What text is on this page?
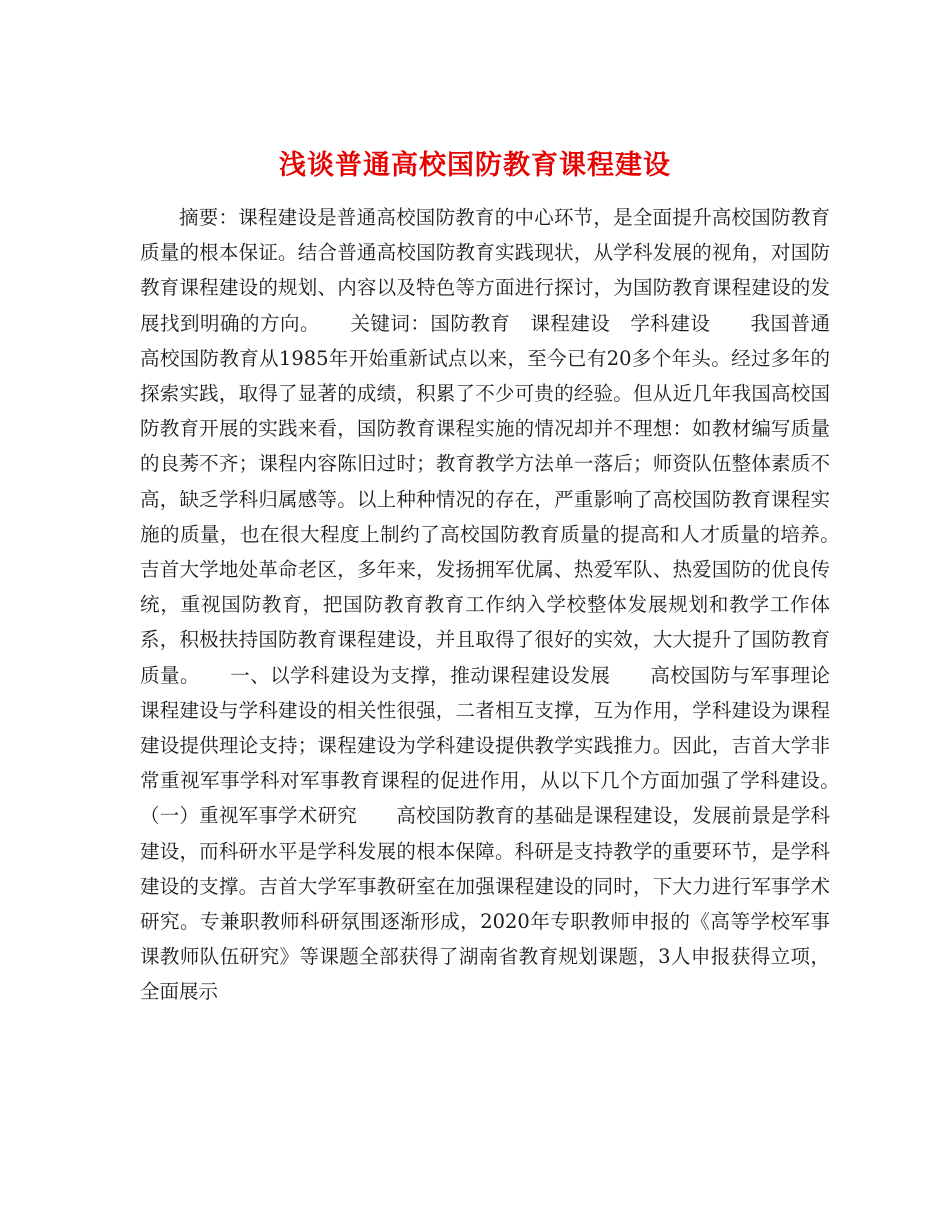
浅谈普通高校国防教育课程建设

摘要：课程建设是普通高校国防教育的中心环节，是全面提升高校国防教育质量的根本保证。结合普通高校国防教育实践现状，从学科发展的视角，对国防教育课程建设的规划、内容以及特色等方面进行探讨，为国防教育课程建设的发展找到明确的方向。　　关键词：国防教育　课程建设　学科建设　　我国普通高校国防教育从1985年开始重新试点以来，至今已有20多个年头。经过多年的探索实践，取得了显著的成绩，积累了不少可贵的经验。但从近几年我国高校国防教育开展的实践来看，国防教育课程实施的情况却并不理想：如教材编写质量的良莠不齐；课程内容陈旧过时；教育教学方法单一落后；师资队伍整体素质不高，缺乏学科归属感等。以上种种情况的存在，严重影响了高校国防教育课程实施的质量，也在很大程度上制约了高校国防教育质量的提高和人才质量的培养。　　吉首大学地处革命老区，多年来，发扬拥军优属、热爱军队、热爱国防的优良传统，重视国防教育，把国防教育教育工作纳入学校整体发展规划和教学工作体系，积极扶持国防教育课程建设，并且取得了很好的实效，大大提升了国防教育质量。　　一、以学科建设为支撑，推动课程建设发展　　高校国防与军事理论课程建设与学科建设的相关性很强，二者相互支撑，互为作用，学科建设为课程建设提供理论支持；课程建设为学科建设提供教学实践推力。因此，吉首大学非常重视军事学科对军事教育课程的促进作用，从以下几个方面加强了学科建设。　　（一）重视军事学术研究　　高校国防教育的基础是课程建设，发展前景是学科建设，而科研水平是学科发展的根本保障。科研是支持教学的重要环节，是学科建设的支撑。吉首大学军事教研室在加强课程建设的同时，下大力进行军事学术研究。专兼职教师科研氛围逐渐形成，2020年专职教师申报的《高等学校军事课教师队伍研究》等课题全部获得了湖南省教育规划课题，3人申报获得立项，全面展示
